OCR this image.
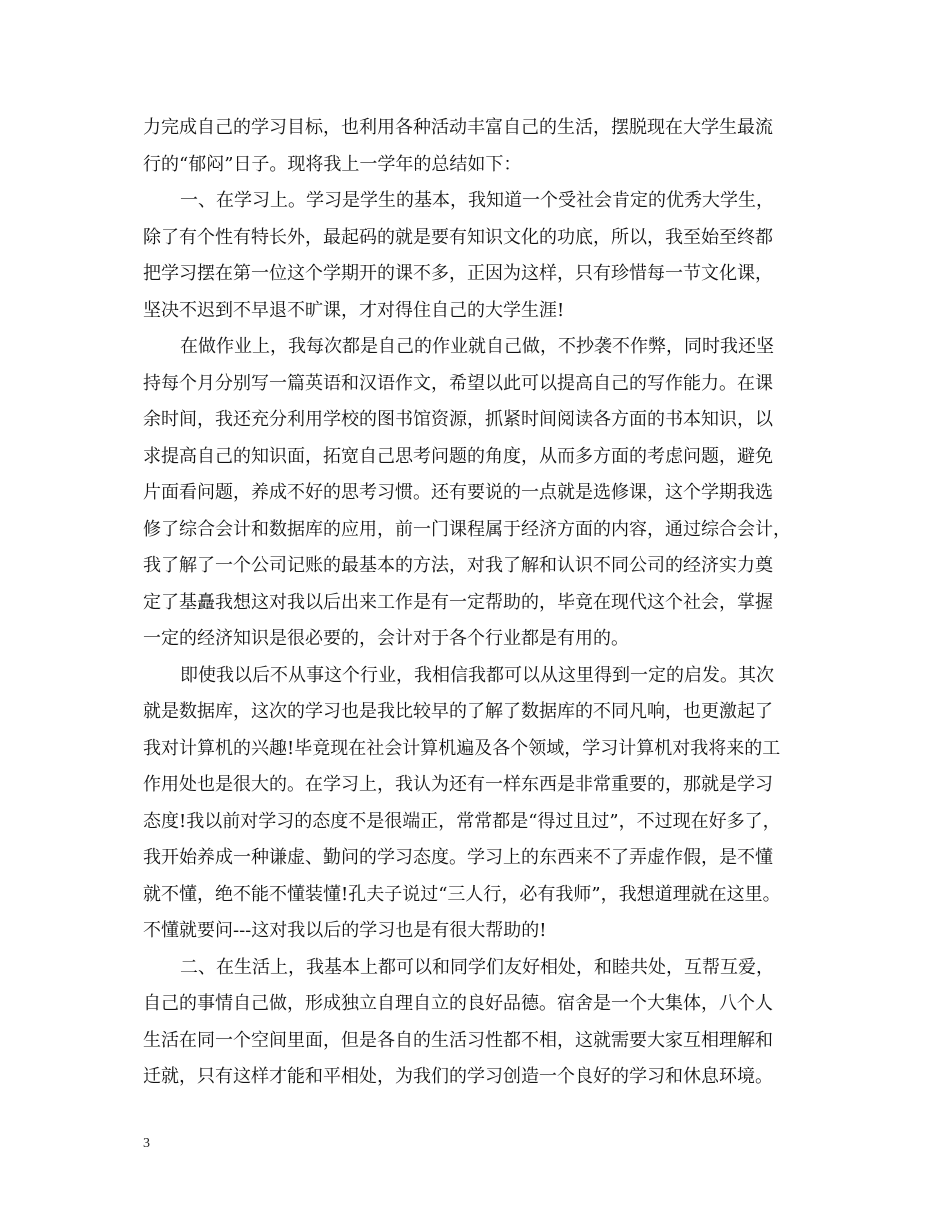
力完成自己的学习目标，也利用各种活动丰富自己的生活，摆脱现在大学生最流
行的“郁闷”日子。现将我上一学年的总结如下：
一、在学习上。学习是学生的基本，我知道一个受社会肯定的优秀大学生，
除了有个性有特长外，最起码的就是要有知识文化的功底，所以，我至始至终都
把学习摆在第一位这个学期开的课不多，正因为这样，只有珍惜每一节文化课，
坚决不迟到不早退不旷课，才对得住自己的大学生涯!
在做作业上，我每次都是自己的作业就自己做，不抄袭不作弊，同时我还坚
持每个月分别写一篇英语和汉语作文，希望以此可以提高自己的写作能力。在课
余时间，我还充分利用学校的图书馆资源，抓紧时间阅读各方面的书本知识，以
求提高自己的知识面，拓宽自己思考问题的角度，从而多方面的考虑问题，避免
片面看问题，养成不好的思考习惯。还有要说的一点就是选修课，这个学期我选
修了综合会计和数据库的应用，前一门课程属于经济方面的内容，通过综合会计，
我了解了一个公司记账的最基本的方法，对我了解和认识不同公司的经济实力奠
定了基矗我想这对我以后出来工作是有一定帮助的，毕竟在现代这个社会，掌握
一定的经济知识是很必要的，会计对于各个行业都是有用的。
即使我以后不从事这个行业，我相信我都可以从这里得到一定的启发。其次
就是数据库，这次的学习也是我比较早的了解了数据库的不同凡响，也更激起了
我对计算机的兴趣!毕竟现在社会计算机遍及各个领域，学习计算机对我将来的工
作用处也是很大的。在学习上，我认为还有一样东西是非常重要的，那就是学习
态度!我以前对学习的态度不是很端正，常常都是“得过且过”，不过现在好多了，
我开始养成一种谦虚、勤问的学习态度。学习上的东西来不了弄虚作假，是不懂
就不懂，绝不能不懂装懂!孔夫子说过“三人行，必有我师”，我想道理就在这里。
不懂就要问---这对我以后的学习也是有很大帮助的!
二、在生活上，我基本上都可以和同学们友好相处，和睦共处，互帮互爱，
自己的事情自己做，形成独立自理自立的良好品德。宿舍是一个大集体，八个人
生活在同一个空间里面，但是各自的生活习性都不相，这就需要大家互相理解和
迁就，只有这样才能和平相处，为我们的学习创造一个良好的学习和休息环境。
3
